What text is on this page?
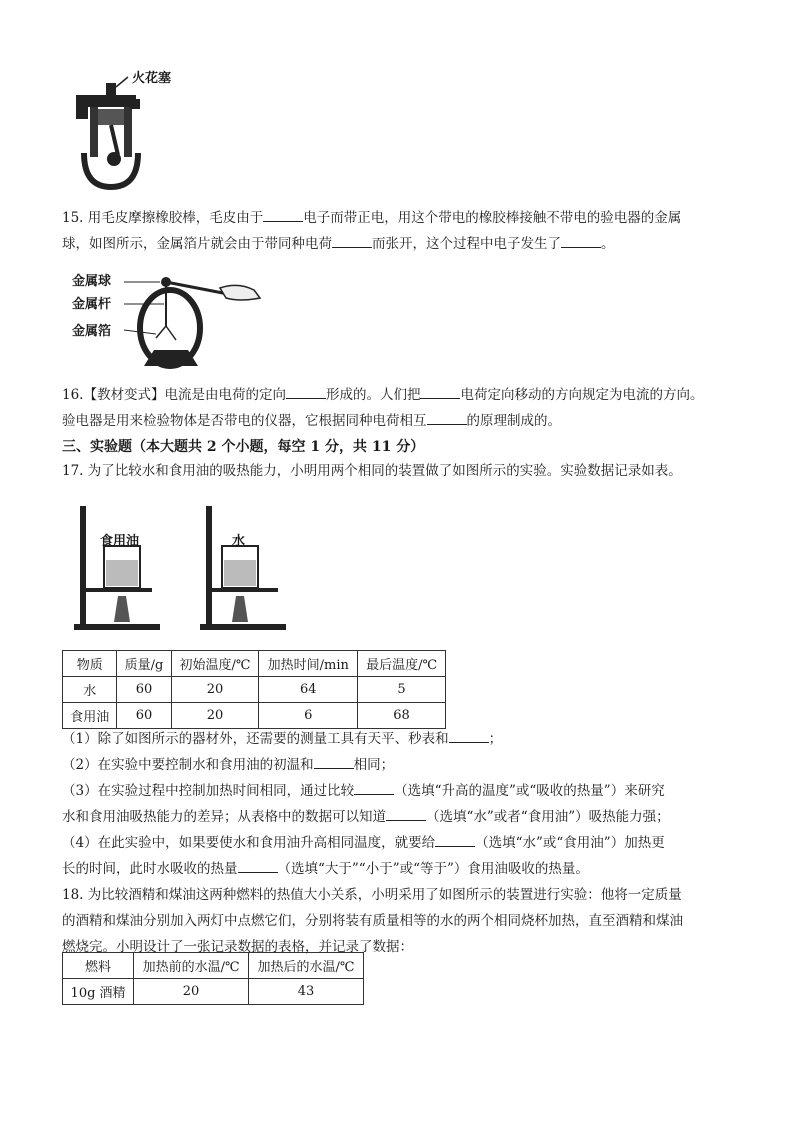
火花塞

15. 用毛皮摩擦橡胶棒，毛皮由于	电子而带正电，用这个带电的橡胶棒接触不带电的验电器的金属

球，如图所示，金属箔片就会由于带同种电荷	而张开，这个过程中电子发生了	。

金属球
金属杆
金属箔

16.【教材变式】电流是由电荷的定向	形成的。人们把	电荷定向移动的方向规定为电流的方向。

验电器是用来检验物体是否带电的仪器，它根据同种电荷相互	的原理制成的。

三、实验题（本大题共 2 个小题，每空 1 分，共 11 分）

17. 为了比较水和食用油的吸热能力，小明用两个相同的装置做了如图所示的实验。实验数据记录如表。

食用油	水
物质	质量/g	初始温度/℃	加热时间/min	最后温度/℃
水	60	20	64	5
食用油	60	20	6	68

（1）除了如图所示的器材外，还需要的测量工具有天平、秒表和	；

（2）在实验中要控制水和食用油的初温和	相同；

（3）在实验过程中控制加热时间相同，通过比较	（选填“升高的温度”或“吸收的热量”）来研究

水和食用油吸热能力的差异；从表格中的数据可以知道	（选填“水”或者“食用油”）吸热能力强；

（4）在此实验中，如果要使水和食用油升高相同温度，就要给	（选填“水”或“食用油”）加热更

长的时间，此时水吸收的热量	（选填“大于”“小于”或“等于”）食用油吸收的热量。

18. 为比较酒精和煤油这两种燃料的热值大小关系，小明采用了如图所示的装置进行实验：他将一定质量

的酒精和煤油分别加入两灯中点燃它们，分别将装有质量相等的水的两个相同烧杯加热，直至酒精和煤油

燃烧完。小明设计了一张记录数据的表格，并记录了数据：

燃料	加热前的水温/℃	加热后的水温/℃
10g 酒精	20	43
